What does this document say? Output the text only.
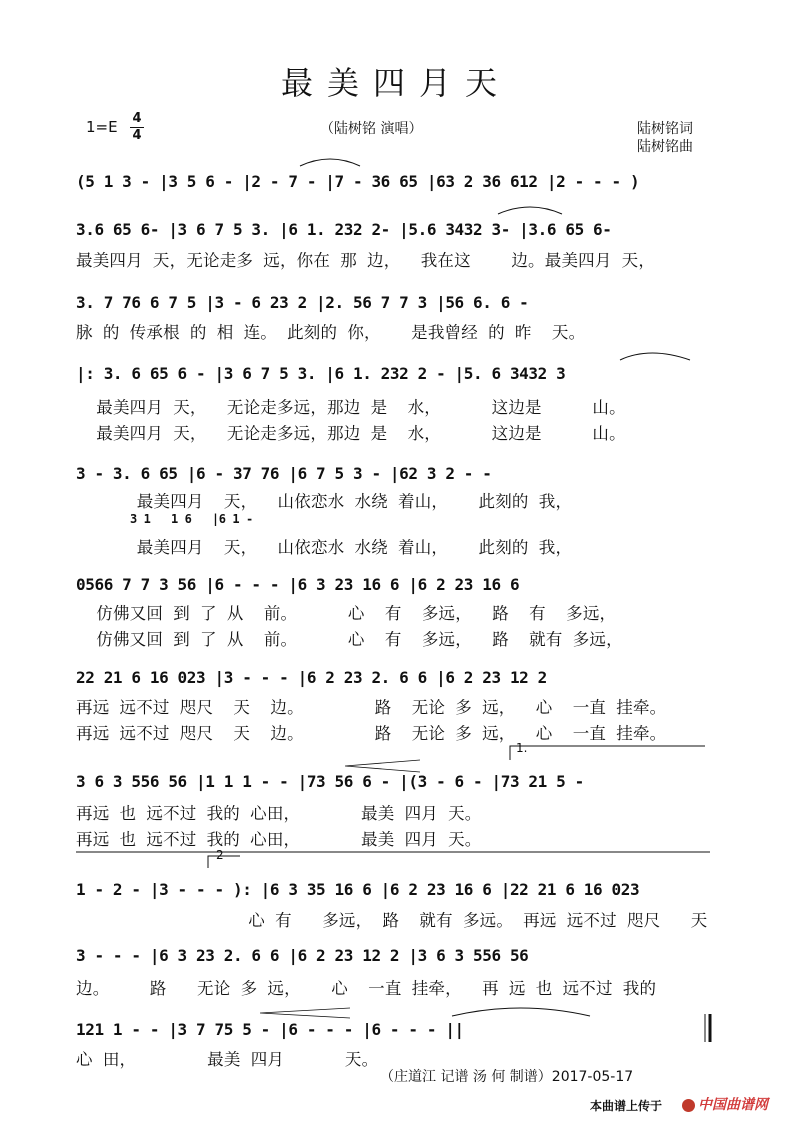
最美四月天
1=E 4
4	（陆树铭 演唱）	陆树铭词
陆树铭曲
(5 1 3 - |3 5 6 - |2 - 7 - |7 - 36 65 |63 2 36 612 |2 - - - )
3.6 65 6- |3 6 7 5 3. |6 1. 232 2- |5.6 3432 3- |3.6 65 6-
最美四月 天，无论走多 远，你在 那 边，  我在这    边。最美四月 天，
3. 7 76 6 7 5 |3 - 6 23 2 |2. 56 7 7 3 |56 6. 6 -
脉 的 传承根 的 相 连。 此刻的 你，   是我曾经 的 昨  天。
|: 3. 6 65 6 - |3 6 7 5 3. |6 1. 232 2 - |5. 6 3432 3
最美四月 天，  无论走多远，那边 是  水，     这边是     山。
最美四月 天，  无论走多远，那边 是  水，     这边是     山。
3 - 3. 6 65 |6 - 37 76 |6 7 5 3 - |62 3 2 - -
最美四月  天，  山依恋水 水绕 着山，   此刻的 我，
3 1   1 6   |6 1 -
最美四月  天，  山依恋水 水绕 着山，   此刻的 我，
0566 7 7 3 56 |6 - - - |6 3 23 16 6 |6 2 23 16 6
仿佛又回 到 了 从  前。     心  有  多远，  路  有  多远，
仿佛又回 到 了 从  前。     心  有  多远，  路  就有 多远，
22 21 6 16 023 |3 - - - |6 2 23 2. 6 6 |6 2 23 12 2
再远 远不过 咫尺  天  边。       路  无论 多 远，  心  一直 挂牵。
再远 远不过 咫尺  天  边。       路  无论 多 远，  心  一直 挂牵。
3 6 3 556 56 |1 1 1 - - |73 56 6 - |(3 - 6 - |73 21 5 -
1.
再远 也 远不过 我的 心田，      最美 四月 天。
再远 也 远不过 我的 心田，      最美 四月 天。
1 - 2 - |3 - - - ): |6 3 35 16 6 |6 2 23 16 6 |22 21 6 16 023
2
心 有   多远， 路  就有 多远。 再远 远不过 咫尺   天
3 - - - |6 3 23 2. 6 6 |6 2 23 12 2 |3 6 3 556 56
边。    路   无论 多 远，   心  一直 挂牵，  再 远 也 远不过 我的
121 1 - - |3 7 75 5 - |6 - - - |6 - - - ||
心 田，       最美 四月      天。
（庄道江 记谱 汤 何 制谱）2017-05-17
本曲谱上传于	中国曲谱网
